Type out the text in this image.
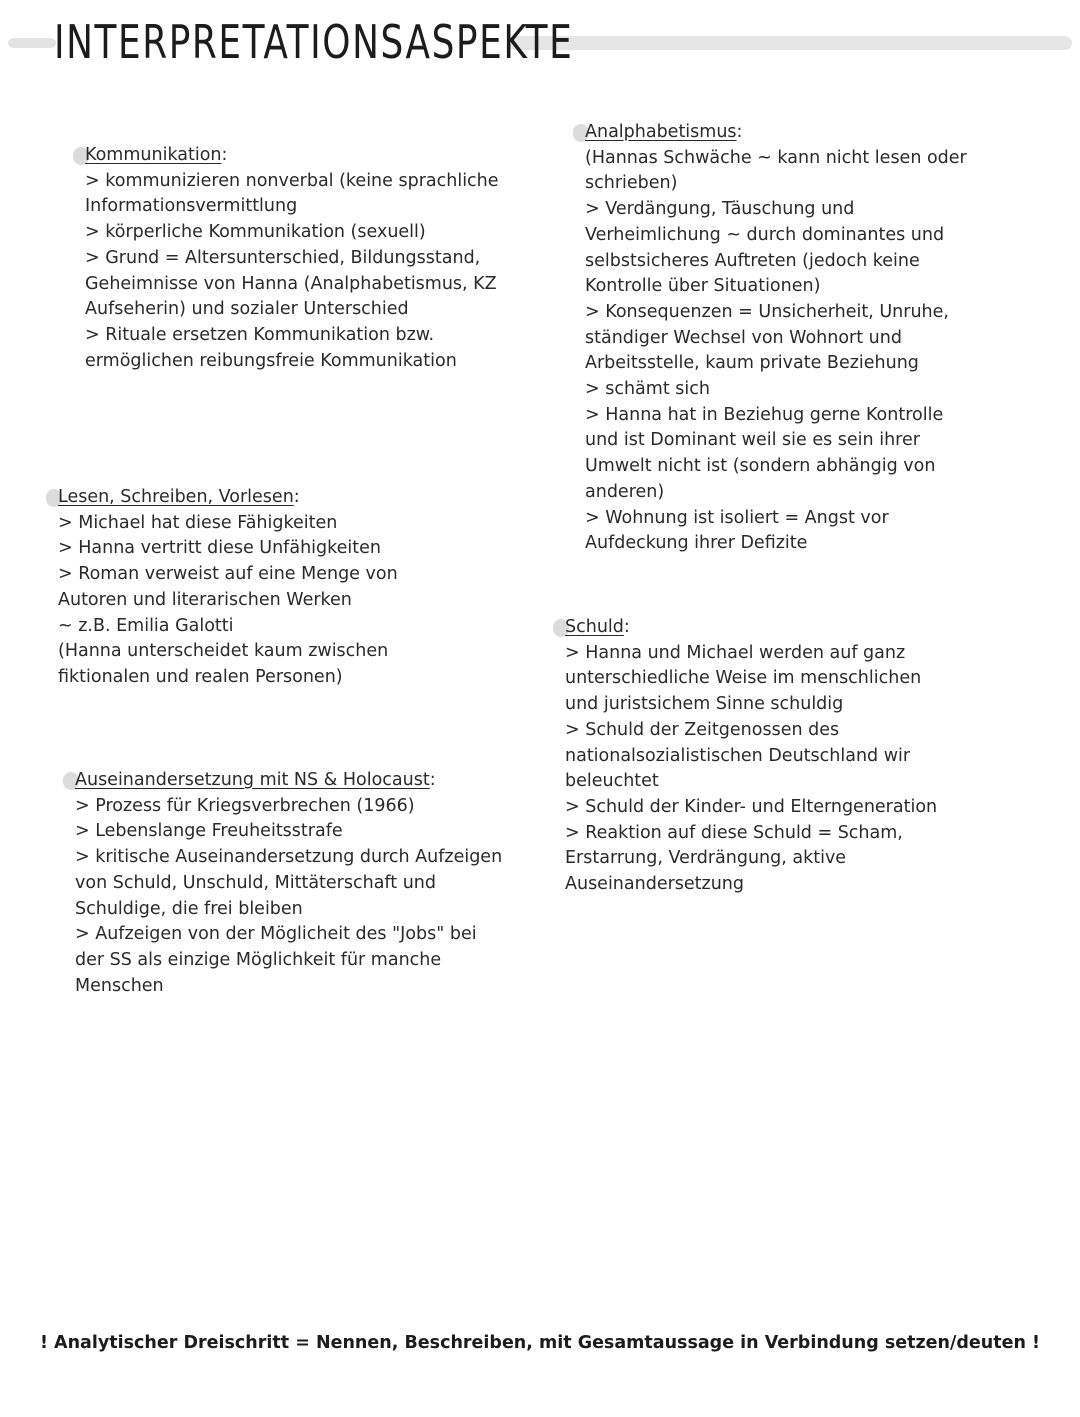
INTERPRETATIONSASPEKTE
Kommunikation:
> kommunizieren nonverbal (keine sprachliche
Informationsvermittlung
> körperliche Kommunikation (sexuell)
> Grund = Altersunterschied, Bildungsstand,
Geheimnisse von Hanna (Analphabetismus, KZ
Aufseherin) und sozialer Unterschied
> Rituale ersetzen Kommunikation bzw.
ermöglichen reibungsfreie Kommunikation
Lesen, Schreiben, Vorlesen:
> Michael hat diese Fähigkeiten
> Hanna vertritt diese Unfähigkeiten
> Roman verweist auf eine Menge von
Autoren und literarischen Werken
~ z.B. Emilia Galotti
(Hanna unterscheidet kaum zwischen
fiktionalen und realen Personen)
Auseinandersetzung mit NS & Holocaust:
> Prozess für Kriegsverbrechen (1966)
> Lebenslange Freuheitsstrafe
> kritische Auseinandersetzung durch Aufzeigen
von Schuld, Unschuld, Mittäterschaft und
Schuldige, die frei bleiben
> Aufzeigen von der Möglicheit des "Jobs" bei
der SS als einzige Möglichkeit für manche
Menschen
Analphabetismus:
(Hannas Schwäche ~ kann nicht lesen oder
schrieben)
> Verdängung, Täuschung und
Verheimlichung ~ durch dominantes und
selbstsicheres Auftreten (jedoch keine
Kontrolle über Situationen)
> Konsequenzen = Unsicherheit, Unruhe,
ständiger Wechsel von Wohnort und
Arbeitsstelle, kaum private Beziehung
> schämt sich
> Hanna hat in Beziehug gerne Kontrolle
und ist Dominant weil sie es sein ihrer
Umwelt nicht ist (sondern abhängig von
anderen)
> Wohnung ist isoliert = Angst vor
Aufdeckung ihrer Defizite
Schuld:
> Hanna und Michael werden auf ganz
unterschiedliche Weise im menschlichen
und juristsichem Sinne schuldig
> Schuld der Zeitgenossen des
nationalsozialistischen Deutschland wir
beleuchtet
> Schuld der Kinder- und Elterngeneration
> Reaktion auf diese Schuld = Scham,
Erstarrung, Verdrängung, aktive
Auseinandersetzung
! Analytischer Dreischritt = Nennen, Beschreiben, mit Gesamtaussage in Verbindung setzen/deuten !
